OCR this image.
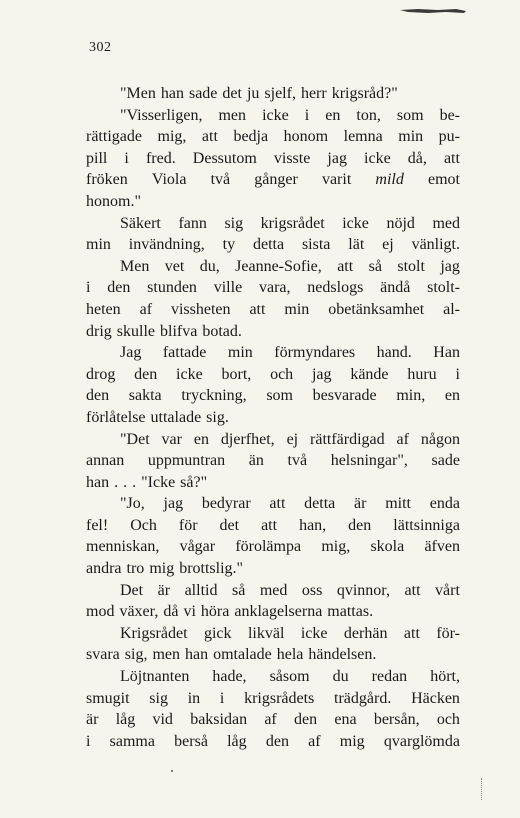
302
"Men han sade det ju sjelf, herr krigsråd?"
"Visserligen, men icke i en ton, som be-
rättigade mig, att bedja honom lemna min pu-
pill i fred. Dessutom visste jag icke då, att
fröken Viola två gånger varit mild emot
honom."
Säkert fann sig krigsrådet icke nöjd med
min invändning, ty detta sista lät ej vänligt.
Men vet du, Jeanne-Sofie, att så stolt jag
i den stunden ville vara, nedslogs ändå stolt-
heten af vissheten att min obetänksamhet al-
drig skulle blifva botad.
Jag fattade min förmyndares hand. Han
drog den icke bort, och jag kände huru i
den sakta tryckning, som besvarade min, en
förlåtelse uttalade sig.
"Det var en djerfhet, ej rättfärdigad af någon
annan uppmuntran än två helsningar", sade
han . . . "Icke så?"
"Jo, jag bedyrar att detta är mitt enda
fel! Och för det att han, den lättsinniga
menniskan, vågar förolämpa mig, skola äfven
andra tro mig brottslig."
Det är alltid så med oss qvinnor, att vårt
mod växer, då vi höra anklagelserna mattas.
Krigsrådet gick likväl icke derhän att för-
svara sig, men han omtalade hela händelsen.
Löjtnanten hade, såsom du redan hört,
smugit sig in i krigsrådets trädgård. Häcken
är låg vid baksidan af den ena bersån, och
i samma berså låg den af mig qvarglömda
